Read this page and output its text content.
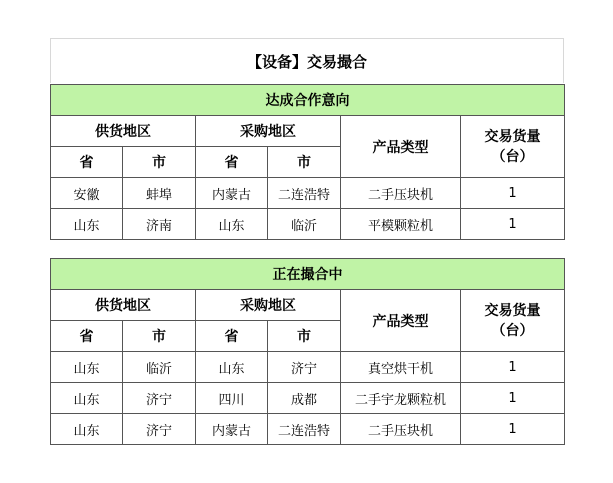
【设备】交易撮合
达成合作意向					
供货地区		采购地区		产品类型	交易货量
（台）

省	市	省	市		
安徽	蚌埠	内蒙古	二连浩特	二手压块机	1
山东	济南	山东	临沂	平模颗粒机	1
正在撮合中					
供货地区		采购地区		产品类型	交易货量
（台）

省	市	省	市		
山东	临沂	山东	济宁	真空烘干机	1
山东	济宁	四川	成都	二手宇龙颗粒机	1
山东	济宁	内蒙古	二连浩特	二手压块机	1
